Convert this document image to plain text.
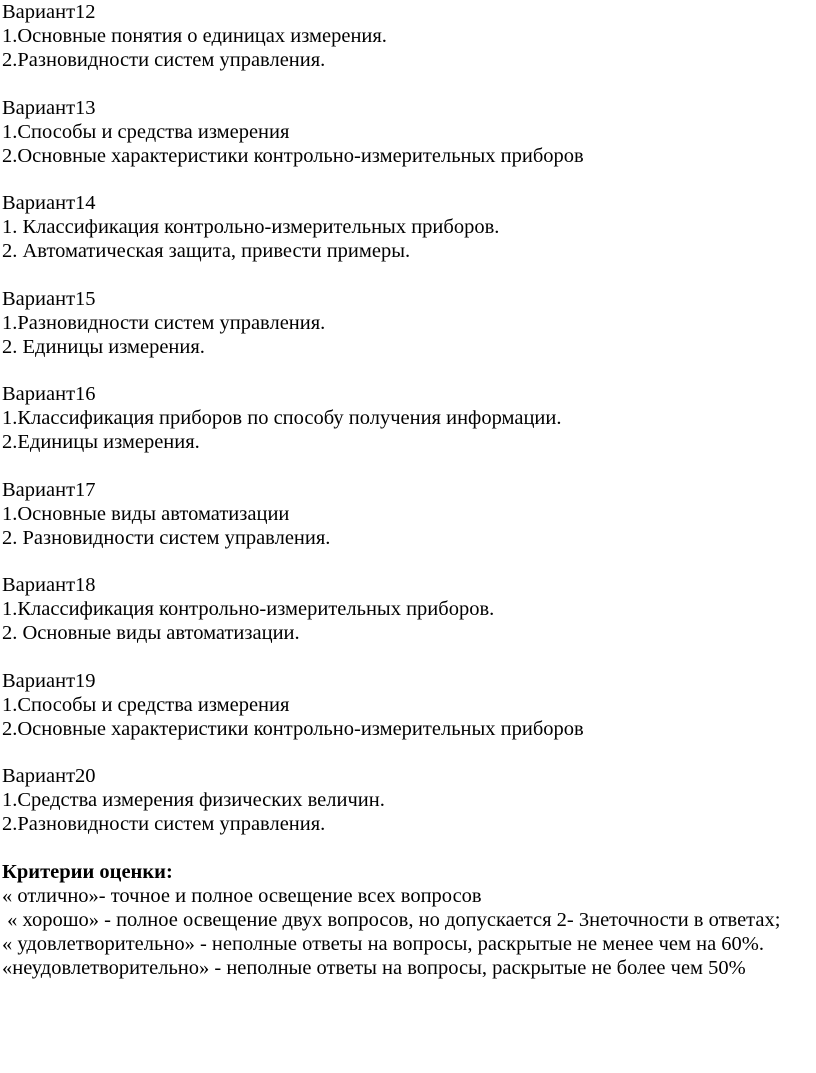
Вариант12
1.Основные понятия о единицах измерения.
2.Разновидности систем управления.
Вариант13
1.Способы и средства измерения
2.Основные характеристики контрольно-измерительных приборов
Вариант14
1. Классификация контрольно-измерительных приборов.
2. Автоматическая защита, привести примеры.
Вариант15
1.Разновидности систем управления.
2. Единицы измерения.
Вариант16
1.Классификация приборов по способу получения информации.
2.Единицы измерения.
Вариант17
1.Основные виды автоматизации
2. Разновидности систем управления.
Вариант18
1.Классификация контрольно-измерительных приборов.
2. Основные виды автоматизации.
Вариант19
1.Способы и средства измерения
2.Основные характеристики контрольно-измерительных приборов
Вариант20
1.Средства измерения физических величин.
2.Разновидности систем управления.
Критерии оценки:
« отлично»- точное и полное освещение всех вопросов
« хорошо» - полное освещение двух вопросов, но допускается 2- 3неточности в ответах;
« удовлетворительно» - неполные ответы на вопросы, раскрытые не менее чем на 60%.
«неудовлетворительно» - неполные ответы на вопросы, раскрытые не более чем 50%
